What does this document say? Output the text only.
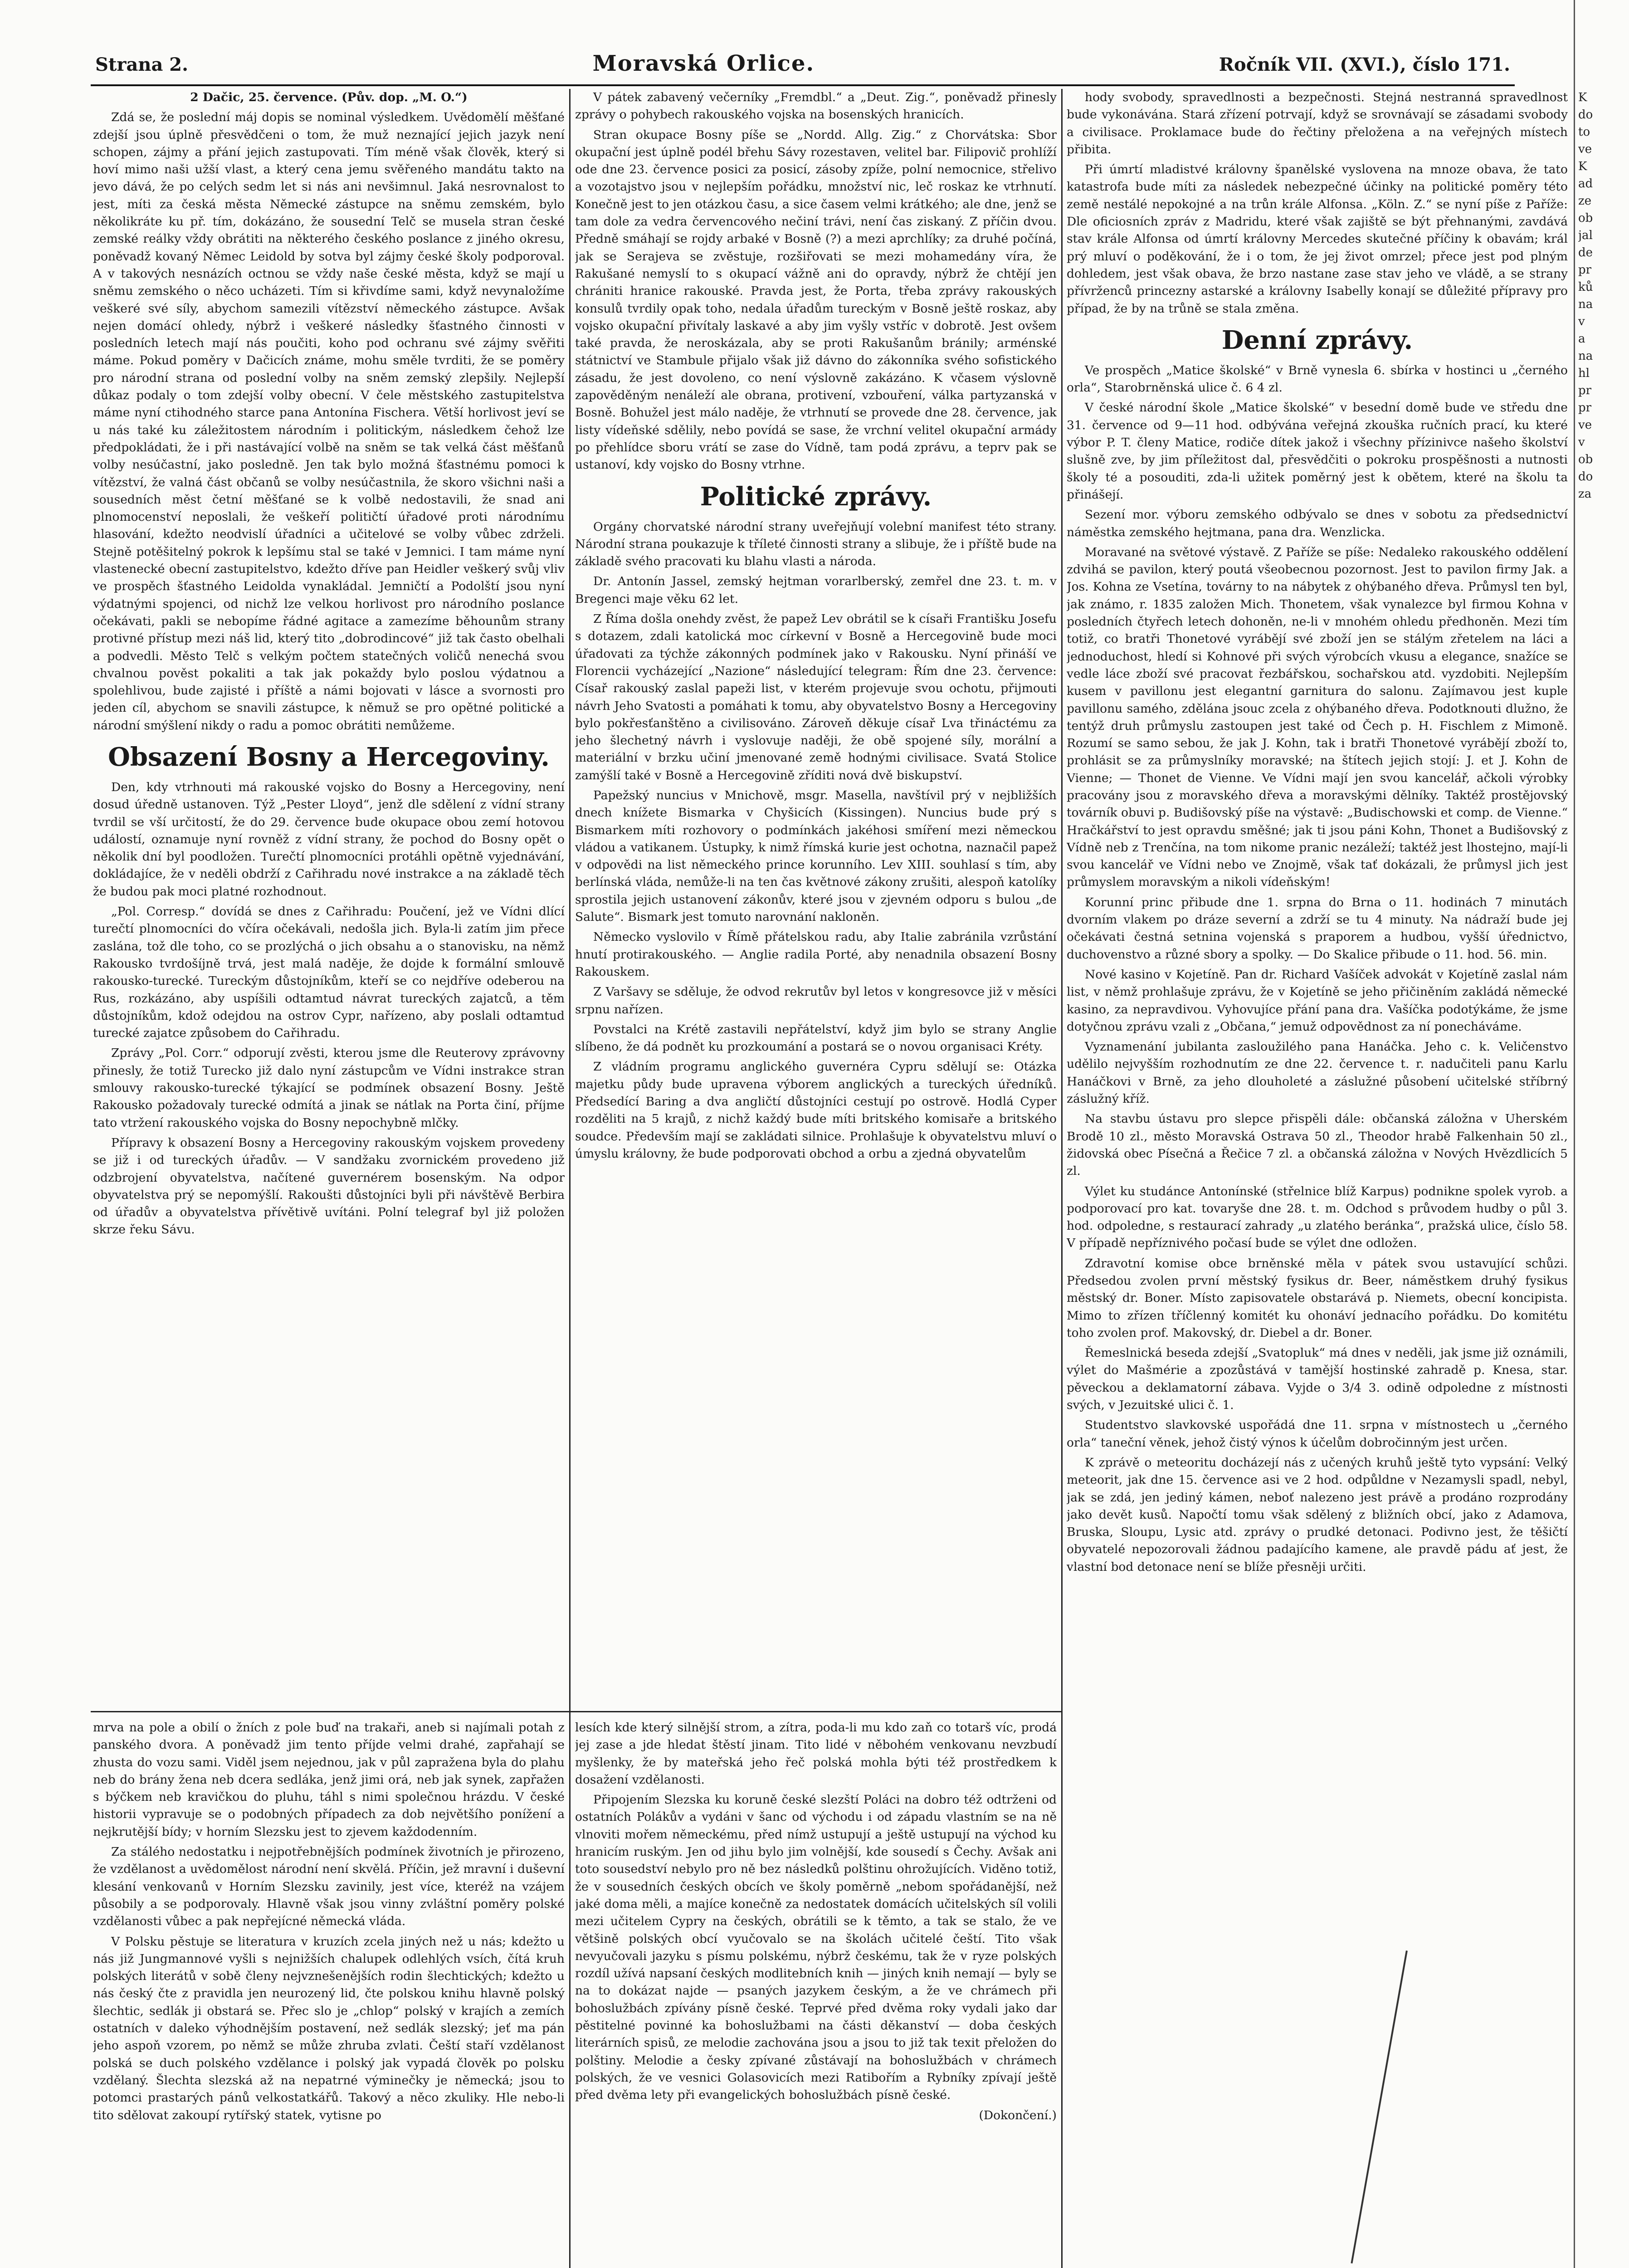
Strana 2.	Moravská Orlice.	Ročník VII. (XVI.), číslo 171.

2 Dačic, 25. července. (Pův. dop. „M. O.“)

Zdá se, že poslední máj dopis se nominal výsledkem. Uvědomělí měšťané zdejší jsou úplně přesvědčeni o tom, že muž neznající jejich jazyk není schopen, zájmy a přání jejich zastupovati. Tím méně však člověk, který si hoví mimo naši užší vlast, a který cena jemu svěřeného mandátu takto na jevo dává, že po celých sedm let si nás ani nevšimnul. Jaká nesrovnalost to jest, míti za česká města Německé zástupce na sněmu zemském, bylo několikráte ku př. tím, dokázáno, že sousední Telč se musela stran české zemské reálky vždy obrátiti na některého českého poslance z jiného okresu, poněvadž kovaný Němec Leidold by sotva byl zájmy české školy podporoval. A v takových nesnázích octnou se vždy naše české města, když se mají u sněmu zemského o něco ucházeti. Tím si křivdíme sami, když nevynaložíme veškeré své síly, abychom samezili vítězství německého zástupce. Avšak nejen domácí ohledy, nýbrž i veškeré následky šťastného činnosti v posledních letech mají nás poučiti, koho pod ochranu své zájmy svěřiti máme. Pokud poměry v Dačicích známe, mohu směle tvrditi, že se poměry pro národní strana od poslední volby na sněm zemský zlepšily. Nejlepší důkaz podaly o tom zdejší volby obecní. V čele městského zastupitelstva máme nyní ctihodného starce pana Antonína Fischera. Větší horlivost jeví se u nás také ku záležitostem národním i politickým, následkem čehož lze předpokládati, že i při nastávající volbě na sněm se tak velká část měšťanů volby nesúčastní, jako posledně. Jen tak bylo možná šťastnému pomoci k vítězství, že valná část občanů se volby nesúčastnila, že skoro všichni naši a sousedních měst četní měšťané se k volbě nedostavili, že snad ani plnomocenství neposlali, že veškeří političtí úřadové proti národnímu hlasování, kdežto neodvislí úřadníci a učitelové se volby vůbec zdrželi. Stejně potěšitelný pokrok k lepšímu stal se také v Jemnici. I tam máme nyní vlastenecké obecní zastupitelstvo, kdežto dříve pan Heidler veškerý svůj vliv ve prospěch šťastného Leidolda vynakládal. Jemničtí a Podolští jsou nyní výdatnými spojenci, od nichž lze velkou horlivost pro národního poslance očekávati, pakli se nebopíme řádné agitace a zamezíme běhounům strany protivné přístup mezi náš lid, který tito „dobrodincové“ již tak často obelhali a podvedli. Město Telč s velkým počtem statečných voličů nenechá svou chvalnou pověst pokaliti a tak jak pokaždy bylo poslou výdatnou a spolehlivou, bude zajisté i příště a námi bojovati v lásce a svornosti pro jeden cíl, abychom se snavili zástupce, k němuž se pro opětné politické a národní smýšlení nikdy o radu a pomoc obrátiti nemůžeme.

Obsazení Bosny a Hercegoviny.

Den, kdy vtrhnouti má rakouské vojsko do Bosny a Hercegoviny, není dosud úředně ustanoven. Týž „Pester Lloyd“, jenž dle sdělení z vídní strany tvrdil se vší určitostí, že do 29. července bude okupace obou zemí hotovou událostí, oznamuje nyní rovněž z vídní strany, že pochod do Bosny opět o několik dní byl poodložen. Turečtí plnomocníci protáhli opětně vyjednávání, dokládajíce, že v neděli obdrží z Cařihradu nové instrakce a na základě těch že budou pak moci platné rozhodnout.

„Pol. Corresp.“ dovídá se dnes z Cařihradu: Poučení, jež ve Vídni dlící turečtí plnomocníci do včíra očekávali, nedošla jich. Byla-li zatím jim přece zaslána, tož dle toho, co se prozlýchá o jich obsahu a o stanovisku, na němž Rakousko tvrdošíjně trvá, jest malá naděje, že dojde k formální smlouvě rakousko-turecké. Tureckým důstojníkům, kteří se co nejdříve odeberou na Rus, rozkázáno, aby uspíšili odtamtud návrat tureckých zajatců, a těm důstojníkům, kdož odejdou na ostrov Cypr, nařízeno, aby poslali odtamtud turecké zajatce způsobem do Cařihradu.

Zprávy „Pol. Corr.“ odporují zvěsti, kterou jsme dle Reuterovy zprávovny přinesly, že totiž Turecko již dalo nyní zástupcům ve Vídni instrakce stran smlouvy rakousko-turecké týkající se podmínek obsazení Bosny. Ještě Rakousko požadovaly turecké odmítá a jinak se nátlak na Porta činí, příjme tato vtržení rakouského vojska do Bosny nepochybně mlčky.

Přípravy k obsazení Bosny a Hercegoviny rakouským vojskem provedeny se již i od tureckých úřadův. — V sandžaku zvornickém provedeno již odzbrojení obyvatelstva, načítené guvernérem bosenským. Na odpor obyvatelstva prý se nepomýšlí. Rakoušti důstojníci byli při návštěvě Berbira od úřadův a obyvatelstva přívětivě uvítáni. Polní telegraf byl již položen skrze řeku Sávu.

V pátek zabavený večerníky „Fremdbl.“ a „Deut. Zig.“, poněvadž přinesly zprávy o pohybech rakouského vojska na bosenských hranicích.

Stran okupace Bosny píše se „Nordd. Allg. Zig.“ z Chorvátska: Sbor okupační jest úplně podél břehu Sávy rozestaven, velitel bar. Filipovič prohlíží ode dne 23. července posici za posicí, zásoby zpíže, polní nemocnice, střelivo a vozotajstvo jsou v nejlepším pořádku, množství nic, leč roskaz ke vtrhnutí. Konečně jest to jen otázkou času, a sice časem velmi krátkého; ale dne, jenž se tam dole za vedra červencového nečiní trávi, není čas ziskaný. Z příčin dvou. Předně smáhají se rojdy arbaké v Bosně (?) a mezi aprchlíky; za druhé počíná, jak se Serajeva se zvěstuje, rozšiřovati se mezi mohamedány víra, že Rakušané nemyslí to s okupací vážně ani do opravdy, nýbrž že chtějí jen chrániti hranice rakouské. Pravda jest, že Porta, třeba zprávy rakouských konsulů tvrdily opak toho, nedala úřadům tureckým v Bosně ještě roskaz, aby vojsko okupační přivítaly laskavé a aby jim vyšly vstříc v dobrotě. Jest ovšem také pravda, že neroskázala, aby se proti Rakušanům bránily; arménské státnictví ve Stambule přijalo však již dávno do zákonníka svého sofistického zásadu, že jest dovoleno, co není výslovně zakázáno. K včasem výslovně zapověděným nenáleží ale obrana, protivení, vzbouření, válka partyzanská v Bosně. Bohužel jest málo naděje, že vtrhnutí se provede dne 28. července, jak listy vídeňské sdělily, nebo povídá se sase, že vrchní velitel okupační armády po přehlídce sboru vrátí se zase do Vídně, tam podá zprávu, a teprv pak se ustanoví, kdy vojsko do Bosny vtrhne.

Politické zprávy.

Orgány chorvatské národní strany uveřejňují volební manifest této strany. Národní strana poukazuje k tříleté činnosti strany a slibuje, že i příště bude na základě svého pracovati ku blahu vlasti a národa.

Dr. Antonín Jassel, zemský hejtman vorarlberský, zemřel dne 23. t. m. v Bregenci maje věku 62 let.

Z Říma došla onehdy zvěst, že papež Lev obrátil se k císaři Františku Josefu s dotazem, zdali katolická moc církevní v Bosně a Hercegovině bude moci úřadovati za týchže zákonných podmínek jako v Rakousku. Nyní přináší ve Florencii vycházející „Nazione“ následující telegram: Řím dne 23. července: Císař rakouský zaslal papeži list, v kterém projevuje svou ochotu, přijmouti návrh Jeho Svatosti a pomáhati k tomu, aby obyvatelstvo Bosny a Hercegoviny bylo pokřesťanštěno a civilisováno. Zároveň děkuje císař Lva třináctému za jeho šlechetný návrh i vyslovuje naději, že obě spojené síly, morální a materiální v brzku učiní jmenované země hodnými civilisace. Svatá Stolice zamýšlí také v Bosně a Hercegovině zříditi nová dvě biskupství.

Papežský nuncius v Mnichově, msgr. Masella, navštívil prý v nejbližších dnech knížete Bismarka v Chyšicích (Kissingen). Nuncius bude prý s Bismarkem míti rozhovory o podmínkách jakéhosi smíření mezi německou vládou a vatikanem. Ústupky, k nimž římská kurie jest ochotna, naznačil papež v odpovědi na list německého prince korunního. Lev XIII. souhlasí s tím, aby berlínská vláda, nemůže-li na ten čas květnové zákony zrušiti, alespoň katolíky sprostila jejich ustanovení zákonův, které jsou v zjevném odporu s bulou „de Salute“. Bismark jest tomuto narovnání nakloněn.

Německo vyslovilo v Římě přátelskou radu, aby Italie zabránila vzrůstání hnutí protirakouského. — Anglie radila Porté, aby nenadnila obsazení Bosny Rakouskem.

Z Varšavy se sděluje, že odvod rekrutův byl letos v kongresovce již v měsíci srpnu nařízen.

Povstalci na Krétě zastavili nepřátelství, když jim bylo se strany Anglie slíbeno, že dá podnět ku prozkoumání a postará se o novou organisaci Kréty.

Z vládním programu anglického guvernéra Cypru sdělují se: Otázka majetku půdy bude upravena výborem anglických a tureckých úředníků. Předsedící Baring a dva angličtí důstojníci cestují po ostrově. Hodlá Cyper rozděliti na 5 krajů, z nichž každý bude míti britského komisaře a britského soudce. Především mají se zakládati silnice. Prohlašuje k obyvatelstvu mluví o úmyslu královny, že bude podporovati obchod a orbu a zjedná obyvatelům

hody svobody, spravedlnosti a bezpečnosti. Stejná nestranná spravedlnost bude vykonávána. Stará zřízení potrvají, když se srovnávají se zásadami svobody a civilisace. Proklamace bude do řečtiny přeložena a na veřejných místech přibita.

Při úmrtí mladistvé královny španělské vyslovena na mnoze obava, že tato katastrofa bude míti za následek nebezpečné účinky na politické poměry této země nestálé nepokojné a na trůn krále Alfonsa. „Köln. Z.“ se nyní píše z Paříže: Dle oficiosních zpráv z Madridu, které však zajiště se být přehnanými, zavdává stav krále Alfonsa od úmrtí královny Mercedes skutečné příčiny k obavám; král prý mluví o poděkování, že i o tom, že jej život omrzel; přece jest pod plným dohledem, jest však obava, že brzo nastane zase stav jeho ve vládě, a se strany přívrženců princezny astarské a královny Isabelly konají se důležité přípravy pro případ, že by na trůně se stala změna.

Denní zprávy.

Ve prospěch „Matice školské“ v Brně vynesla 6. sbírka v hostinci u „černého orla“, Starobrněnská ulice č. 6 4 zl.

V české národní škole „Matice školské“ v besední domě bude ve středu dne 31. července od 9—11 hod. odbývána veřejná zkouška ručních prací, ku které výbor P. T. členy Matice, rodiče dítek jakož i všechny přízinivce našeho školství slušně zve, by jim příležitost dal, přesvědčiti o pokroku prospěšnosti a nutnosti školy té a posouditi, zda-li užitek poměrný jest k obětem, které na školu ta přinášejí.

Sezení mor. výboru zemského odbývalo se dnes v sobotu za předsednictví náměstka zemského hejtmana, pana dra. Wenzlicka.

Moravané na světové výstavě. Z Paříže se píše: Nedaleko rakouského oddělení zdvihá se pavilon, který poutá všeobecnou pozornost. Jest to pavilon firmy Jak. a Jos. Kohna ze Vsetína, továrny to na nábytek z ohýbaného dřeva. Průmysl ten byl, jak známo, r. 1835 založen Mich. Thonetem, však vynalezce byl firmou Kohna v posledních čtyřech letech dohoněn, ne-li v mnohém ohledu předhoněn. Mezi tím totiž, co bratři Thonetové vyrábějí své zboží jen se stálým zřetelem na láci a jednoduchost, hledí si Kohnové při svých výrobcích vkusu a elegance, snažíce se vedle láce zboží své pracovat řezbářskou, sochařskou atd. vyzdobiti. Nejlepším kusem v pavillonu jest elegantní garnitura do salonu. Zajímavou jest kuple pavillonu samého, zdělána jsouc zcela z ohýbaného dřeva. Podotknouti dlužno, že tentýž druh průmyslu zastoupen jest také od Čech p. H. Fischlem z Mimoně. Rozumí se samo sebou, že jak J. Kohn, tak i bratři Thonetové vyrábějí zboží to, prohlásit se za průmyslníky moravské; na štítech jejich stojí: J. et J. Kohn de Vienne; — Thonet de Vienne. Ve Vídni mají jen svou kancelář, ačkoli výrobky pracovány jsou z moravského dřeva a moravskými dělníky. Taktéž prostějovský továrník obuvi p. Budišovský píše na výstavě: „Budischowski et comp. de Vienne.“ Hračkářství to jest opravdu směšné; jak ti jsou páni Kohn, Thonet a Budišovský z Vídně neb z Trenčína, na tom nikome pranic nezáleží; taktéž jest lhostejno, mají-li svou kancelář ve Vídni nebo ve Znojmě, však tať dokázali, že průmysl jich jest průmyslem moravským a nikoli vídeňským!

Korunní princ přibude dne 1. srpna do Brna o 11. hodinách 7 minutách dvorním vlakem po dráze severní a zdrží se tu 4 minuty. Na nádraží bude jej očekávati čestná setnina vojenská s praporem a hudbou, vyšší úřednictvo, duchovenstvo a různé sbory a spolky. — Do Skalice přibude o 11. hod. 56. min.

Nové kasino v Kojetíně. Pan dr. Richard Vašíček advokát v Kojetíně zaslal nám list, v němž prohlašuje zprávu, že v Kojetíně se jeho přičiněním zakládá německé kasino, za nepravdivou. Vyhovujíce přání pana dra. Vašíčka podotýkáme, že jsme dotyčnou zprávu vzali z „Občana,“ jemuž odpovědnost za ní ponecháváme.

Vyznamenání jubilanta zasloužilého pana Hanáčka. Jeho c. k. Veličenstvo udělilo nejvyšším rozhodnutím ze dne 22. července t. r. nadučiteli panu Karlu Hanáčkovi v Brně, za jeho dlouholeté a záslužné působení učitelské stříbrný záslužný kříž.

Na stavbu ústavu pro slepce přispěli dále: občanská záložna v Uherském Brodě 10 zl., město Moravská Ostrava 50 zl., Theodor hrabě Falkenhain 50 zl., židovská obec Písečná a Řečice 7 zl. a občanská záložna v Nových Hvězdlicích 5 zl.

Výlet ku studánce Antonínské (střelnice blíž Karpus) podnikne spolek vyrob. a podporovací pro kat. tovaryše dne 28. t. m. Odchod s průvodem hudby o půl 3. hod. odpoledne, s restaurací zahrady „u zlatého beránka“, pražská ulice, číslo 58. V případě nepříznivého počasí bude se výlet dne odložen.

Zdravotní komise obce brněnské měla v pátek svou ustavující schůzi. Předsedou zvolen první městský fysikus dr. Beer, náměstkem druhý fysikus městský dr. Boner. Místo zapisovatele obstarává p. Niemets, obecní koncipista. Mimo to zřízen tříčlenný komitét ku ohonáví jednacího pořádku. Do komitétu toho zvolen prof. Makovský, dr. Diebel a dr. Boner.

Řemeslnická beseda zdejší „Svatopluk“ má dnes v neděli, jak jsme již oznámili, výlet do Mašmérie a zpozůstává v tamější hostinské zahradě p. Knesa, star. pěveckou a deklamatorní zábava. Vyjde o 3/4 3. odině odpoledne z místnosti svých, v Jezuitské ulici č. 1.

Studentstvo slavkovské uspořádá dne 11. srpna v místnostech u „černého orla“ taneční věnek, jehož čistý výnos k účelům dobročinným jest určen.

K zprávě o meteoritu docházejí nás z učených kruhů ještě tyto vypsání: Velký meteorit, jak dne 15. července asi ve 2 hod. odpůldne v Nezamysli spadl, nebyl, jak se zdá, jen jediný kámen, neboť nalezeno jest právě a prodáno rozprodány jako devět kusů. Napočtí tomu však sdělený z bližních obcí, jako z Adamova, Bruska, Sloupu, Lysic atd. zprávy o prudké detonaci. Podivno jest, že těšičtí obyvatelé nepozorovali žádnou padajícího kamene, ale pravdě pádu ať jest, že vlastní bod detonace není se blíže přesněji určiti.

mrva na pole a obilí o žních z pole buď na trakaři, aneb si najímali potah z panského dvora. A poněvadž jim tento příjde velmi drahé, zapřahají se zhusta do vozu sami. Viděl jsem nejednou, jak v půl zapražena byla do plahu neb do brány žena neb dcera sedláka, jenž jimi orá, neb jak synek, zapřažen s býčkem neb kravičkou do pluhu, táhl s nimi společnou hrázdu. V české historii vypravuje se o podobných případech za dob největšího ponížení a nejkrutější bídy; v horním Slezsku jest to zjevem každodenním.

Za stálého nedostatku i nejpotřebnějších podmínek životních je přirozeno, že vzdělanost a uvědomělost národní není skvělá. Příčin, jež mravní i duševní klesání venkovanů v Horním Slezsku zavinily, jest více, kteréž na vzájem působily a se podporovaly. Hlavně však jsou vinny zvláštní poměry polské vzdělanosti vůbec a pak nepřejícné německá vláda.

V Polsku pěstuje se literatura v kruzích zcela jiných než u nás; kdežto u nás již Jungmannové vyšli s nejnižších chalupek odlehlých vsích, čítá kruh polských literátů v sobě členy nejvznešenějších rodin šlechtických; kdežto u nás český čte z pravidla jen neurozený lid, čte polskou knihu hlavně polský šlechtic, sedlák ji obstará se. Přec slo je „chlop“ polský v krajích a zemích ostatních v daleko výhodnějším postavení, než sedlák slezský; jeť ma pán jeho aspoň vzorem, po němž se může zhruba zvlati. Čeští staří vzdělanost polská se duch polského vzdělance i polský jak vypadá člověk po polsku vzdělaný. Šlechta slezská až na nepatrné výminečky je německá; jsou to potomci prastarých pánů velkostatkářů. Takový a něco zkuliky. Hle nebo-li tito sdělovat zakoupí rytířský statek, vytisne po

lesích kde který silnější strom, a zítra, poda-li mu kdo zaň co totarš víc, prodá jej zase a jde hledat štěstí jinam. Tito lidé v něbohém venkovanu nevzbudí myšlenky, že by mateřská jeho řeč polská mohla býti též prostředkem k dosažení vzdělanosti.

Připojením Slezska ku koruně české slezští Poláci na dobro též odtrženi od ostatních Polákův a vydáni v šanc od východu i od západu vlastním se na ně vlnoviti mořem německému, před nímž ustupují a ještě ustupují na východ ku hranicím ruským. Jen od jihu bylo jim volnější, kde sousedí s Čechy. Avšak ani toto sousedství nebylo pro ně bez následků polštinu ohrožujících. Viděno totiž, že v sousedních českých obcích ve školy poměrně „nebom spořádanější, než jaké doma měli, a majíce konečně za nedostatek domácích učitelských síl volili mezi učitelem Cypry na českých, obrátili se k těmto, a tak se stalo, že ve většině polských obcí vyučovalo se na školách učitelé čeští. Tito však nevyučovali jazyku s písmu polskému, nýbrž českému, tak že v ryze polských rozdíl užívá napsaní českých modlitebních knih — jiných knih nemají — byly se na to dokázat najde — psaných jazykem českým, a že ve chrámech při bohoslužbách zpívány písně české. Teprvé před dvěma roky vydali jako dar pěstitelné povinné ka bohoslužbami na části děkanství — doba českých literárních spisů, ze melodie zachována jsou a jsou to již tak texit přeložen do polštiny. Melodie a česky zpívané zůstávají na bohoslužbách v chrámech polských, že ve vesnici Golasovicích mezi Ratibořím a Rybníky zpívají ještě před dvěma lety při evangelických bohoslužbách písně české.

(Dokončení.)

K
do
to
ve
K
ad
ze
ob
jal
de
pr
ků
na
v
a
na
hl
pr
pr
ve
v
ob
do
za
